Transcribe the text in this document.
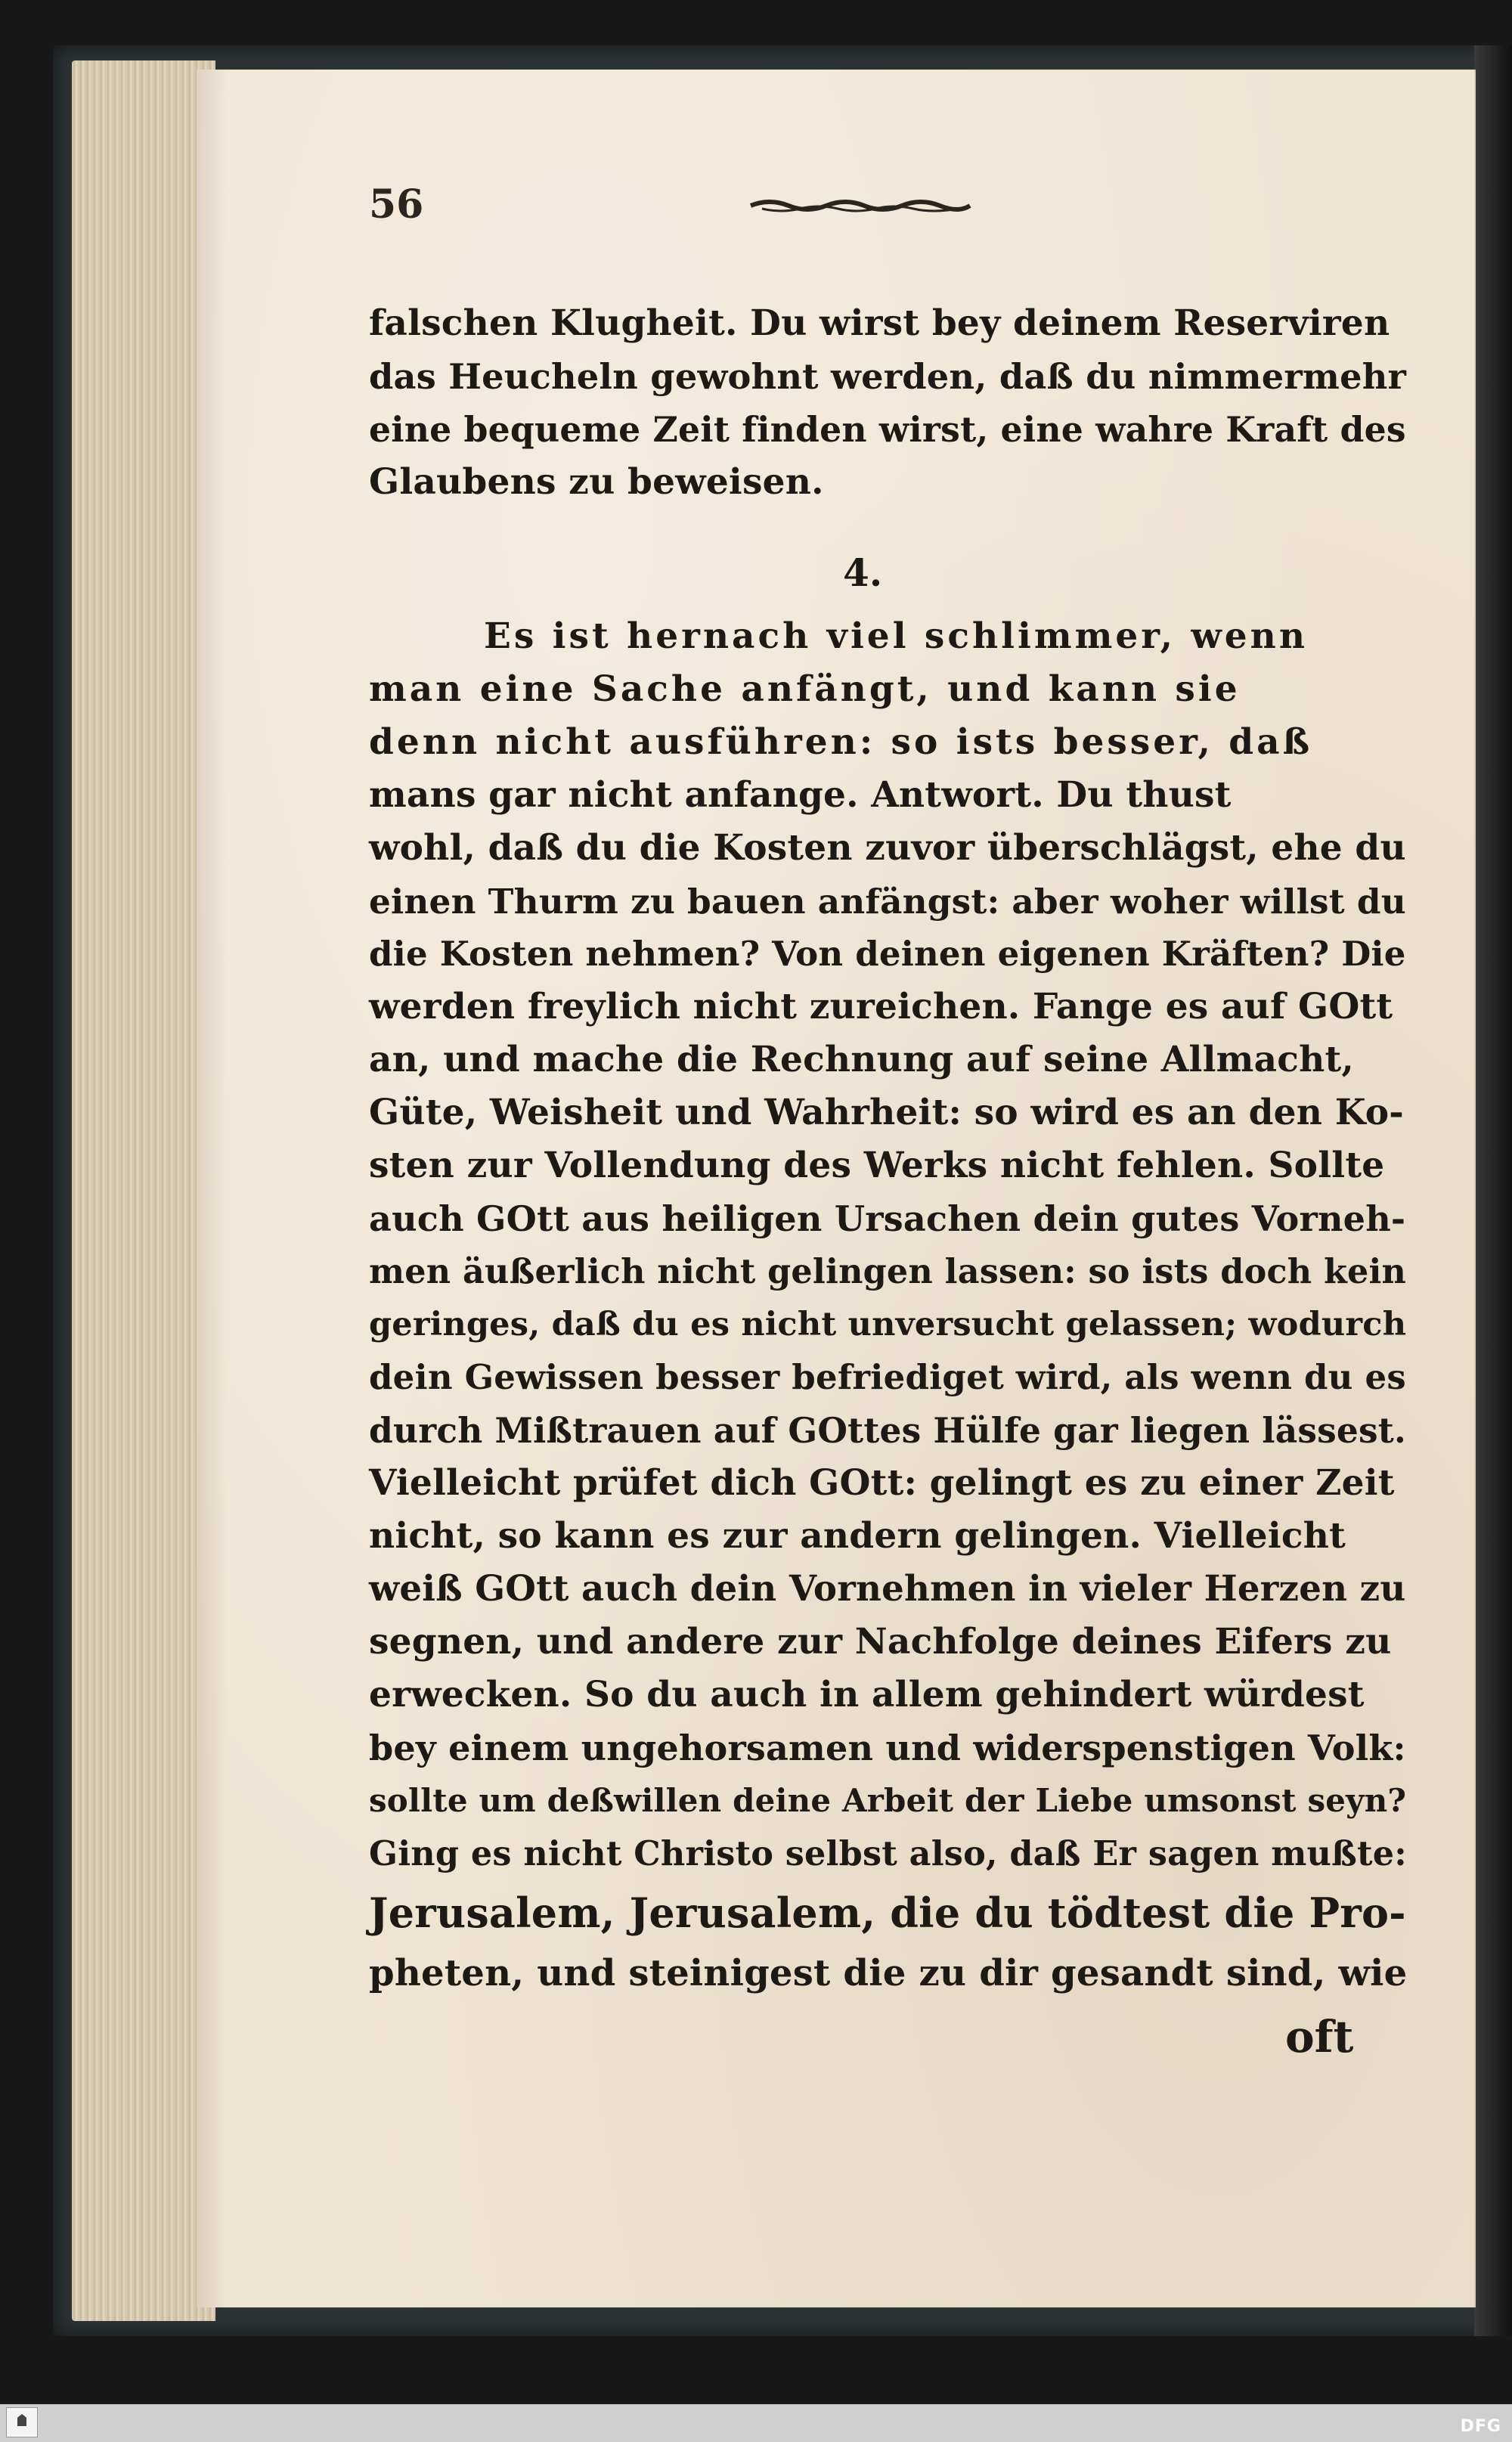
56
falschen Klugheit. Du wirst bey deinem Reserviren
das Heucheln gewohnt werden, daß du nimmermehr
eine bequeme Zeit finden wirst, eine wahre Kraft des
Glaubens zu beweisen.
4.
Es ist hernach viel schlimmer, wenn
man eine Sache anfängt, und kann sie
denn nicht ausführen: so ists besser, daß
mans gar nicht anfange. Antwort. Du thust
wohl, daß du die Kosten zuvor überschlägst, ehe du
einen Thurm zu bauen anfängst: aber woher willst du
die Kosten nehmen? Von deinen eigenen Kräften? Die
werden freylich nicht zureichen. Fange es auf GOtt
an, und mache die Rechnung auf seine Allmacht,
Güte, Weisheit und Wahrheit: so wird es an den Ko-
sten zur Vollendung des Werks nicht fehlen. Sollte
auch GOtt aus heiligen Ursachen dein gutes Vorneh-
men äußerlich nicht gelingen lassen: so ists doch kein
geringes, daß du es nicht unversucht gelassen; wodurch
dein Gewissen besser befriediget wird, als wenn du es
durch Mißtrauen auf GOttes Hülfe gar liegen lässest.
Vielleicht prüfet dich GOtt: gelingt es zu einer Zeit
nicht, so kann es zur andern gelingen. Vielleicht
weiß GOtt auch dein Vornehmen in vieler Herzen zu
segnen, und andere zur Nachfolge deines Eifers zu
erwecken. So du auch in allem gehindert würdest
bey einem ungehorsamen und widerspenstigen Volk:
sollte um deßwillen deine Arbeit der Liebe umsonst seyn?
Ging es nicht Christo selbst also, daß Er sagen mußte:
Jerusalem, Jerusalem, die du tödtest die Pro-
pheten, und steinigest die zu dir gesandt sind, wie
oft
DFG
